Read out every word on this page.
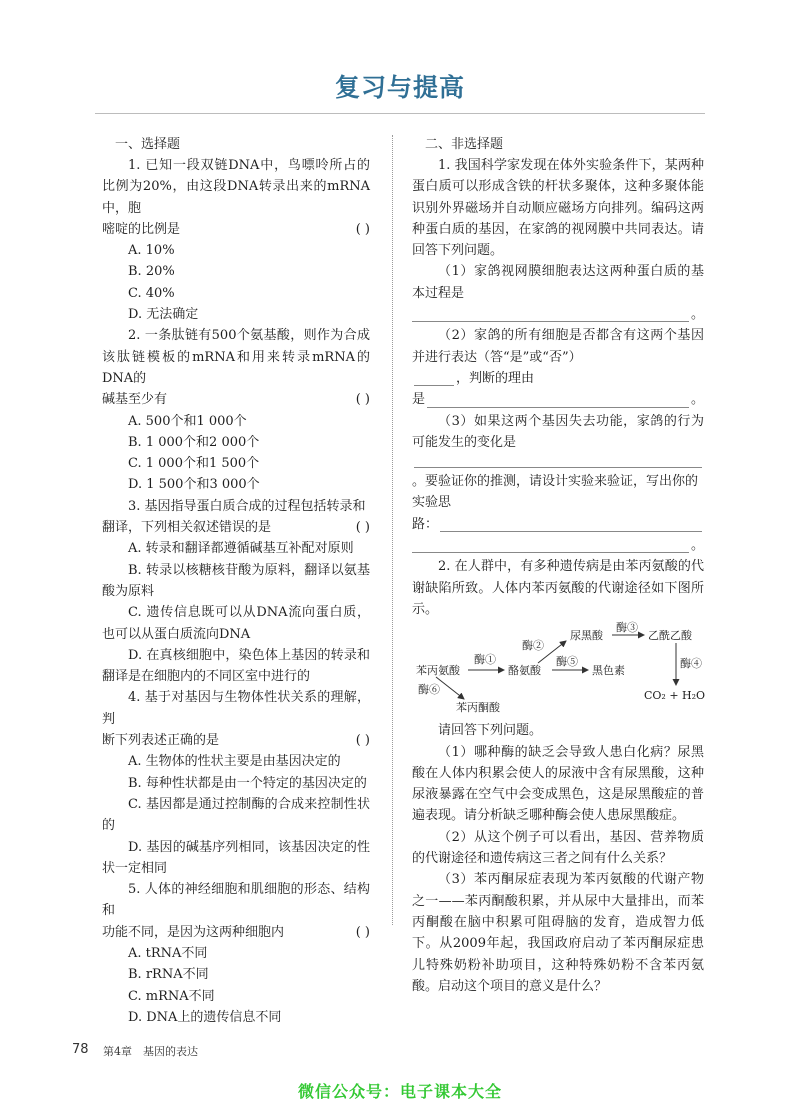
复习与提高
一、选择题
1. 已知一段双链DNA中，鸟嘌呤所占的比例为20%，由这段DNA转录出来的mRNA中，胞
嘧啶的比例是	( )
A. 10%
B. 20%
C. 40%
D. 无法确定
2. 一条肽链有500个氨基酸，则作为合成该肽链模板的mRNA和用来转录mRNA的DNA的
碱基至少有	( )
A. 500个和1 000个
B. 1 000个和2 000个
C. 1 000个和1 500个
D. 1 500个和3 000个
3. 基因指导蛋白质合成的过程包括转录和
翻译，下列相关叙述错误的是	( )
A. 转录和翻译都遵循碱基互补配对原则
B. 转录以核糖核苷酸为原料，翻译以氨基酸为原料
C. 遗传信息既可以从DNA流向蛋白质，也可以从蛋白质流向DNA
D. 在真核细胞中，染色体上基因的转录和翻译是在细胞内的不同区室中进行的
4. 基于对基因与生物体性状关系的理解，判
断下列表述正确的是	( )
A. 生物体的性状主要是由基因决定的
B. 每种性状都是由一个特定的基因决定的
C. 基因都是通过控制酶的合成来控制性状的
D. 基因的碱基序列相同，该基因决定的性状一定相同
5. 人体的神经细胞和肌细胞的形态、结构和
功能不同，是因为这两种细胞内	( )
A. tRNA不同
B. rRNA不同
C. mRNA不同
D. DNA上的遗传信息不同
二、非选择题
1. 我国科学家发现在体外实验条件下，某两种蛋白质可以形成含铁的杆状多聚体，这种多聚体能识别外界磁场并自动顺应磁场方向排列。编码这两种蛋白质的基因，在家鸽的视网膜中共同表达。请回答下列问题。
（1）家鸽视网膜细胞表达这两种蛋白质的基本过程是
。
（2）家鸽的所有细胞是否都含有这两个基因并进行表达（答“是”或“否”）
，判断的理由
是	。
（3）如果这两个基因失去功能，家鸽的行为可能发生的变化是
。要验证你的推测，请设计实验来验证，写出你的实验思
路：
。
2. 在人群中，有多种遗传病是由苯丙氨酸的代谢缺陷所致。人体内苯丙氨酸的代谢途径如下图所示。
苯丙氨酸	酪氨酸
尿黑酸	乙酰乙酸
黑色素
苯丙酮酸
CO₂ + H₂O
酶①
酶②
酶③
酶④
酶⑤
酶⑥
请回答下列问题。
（1）哪种酶的缺乏会导致人患白化病？尿黑酸在人体内积累会使人的尿液中含有尿黑酸，这种尿液暴露在空气中会变成黑色，这是尿黑酸症的普遍表现。请分析缺乏哪种酶会使人患尿黑酸症。
（2）从这个例子可以看出，基因、营养物质的代谢途径和遗传病这三者之间有什么关系？
（3）苯丙酮尿症表现为苯丙氨酸的代谢产物之一——苯丙酮酸积累，并从尿中大量排出，而苯丙酮酸在脑中积累可阻碍脑的发育，造成智力低下。从2009年起，我国政府启动了苯丙酮尿症患儿特殊奶粉补助项目，这种特殊奶粉不含苯丙氨酸。启动这个项目的意义是什么？
78 第4章　基因的表达
微信公众号：电子课本大全
